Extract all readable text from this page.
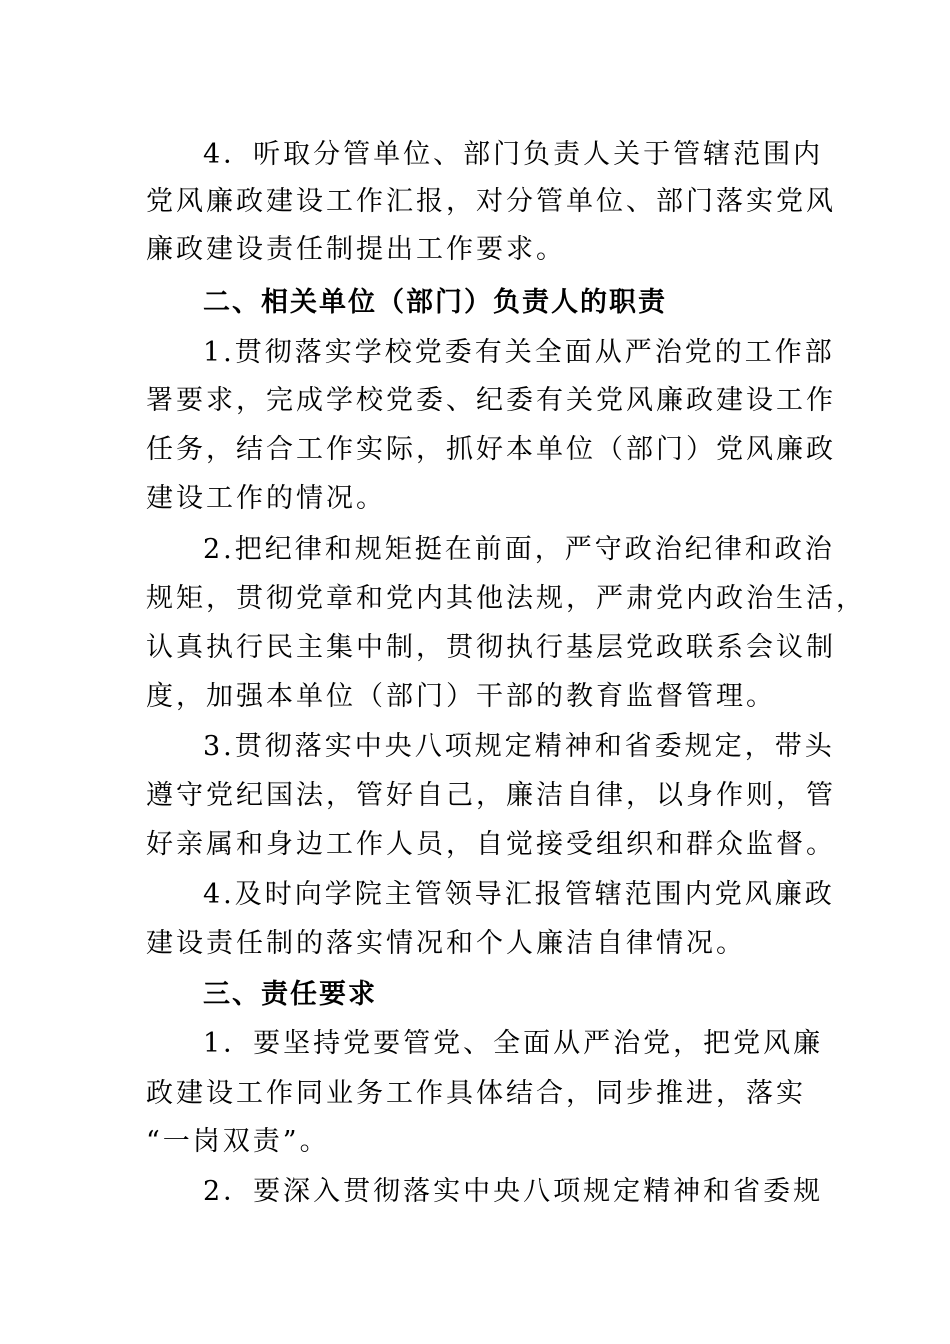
4．听取分管单位、部门负责人关于管辖范围内
党风廉政建设工作汇报，对分管单位、部门落实党风
廉政建设责任制提出工作要求。
二、相关单位（部门）负责人的职责
1.贯彻落实学校党委有关全面从严治党的工作部
署要求，完成学校党委、纪委有关党风廉政建设工作
任务，结合工作实际，抓好本单位（部门）党风廉政
建设工作的情况。
2.把纪律和规矩挺在前面，严守政治纪律和政治
规矩，贯彻党章和党内其他法规，严肃党内政治生活，
认真执行民主集中制，贯彻执行基层党政联系会议制
度，加强本单位（部门）干部的教育监督管理。
3.贯彻落实中央八项规定精神和省委规定，带头
遵守党纪国法，管好自己，廉洁自律，以身作则，管
好亲属和身边工作人员，自觉接受组织和群众监督。
4.及时向学院主管领导汇报管辖范围内党风廉政
建设责任制的落实情况和个人廉洁自律情况。
三、责任要求
1．要坚持党要管党、全面从严治党，把党风廉
政建设工作同业务工作具体结合，同步推进，落实
“一岗双责”。
2．要深入贯彻落实中央八项规定精神和省委规
